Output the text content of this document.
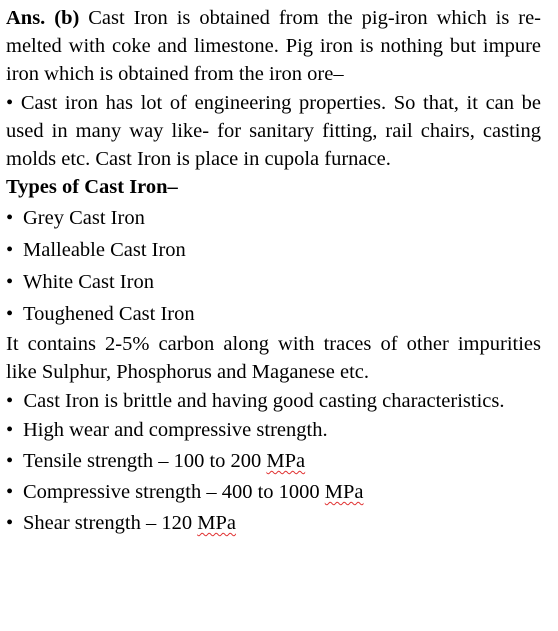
Ans. (b) Cast Iron is obtained from the pig-iron which is re-melted with coke and limestone. Pig iron is nothing but impure iron which is obtained from the iron ore–

• Cast iron has lot of engineering properties. So that, it can be used in many way like- for sanitary fitting, rail chairs, casting molds etc. Cast Iron is place in cupola furnace.

Types of Cast Iron–

• Grey Cast Iron

• Malleable Cast Iron

• White Cast Iron

• Toughened Cast Iron

It contains 2-5% carbon along with traces of other impurities like Sulphur, Phosphorus and Maganese etc.

• Cast Iron is brittle and having good casting characteristics.

• High wear and compressive strength.

• Tensile strength – 100 to 200 MPa

• Compressive strength – 400 to 1000 MPa

• Shear strength – 120 MPa
